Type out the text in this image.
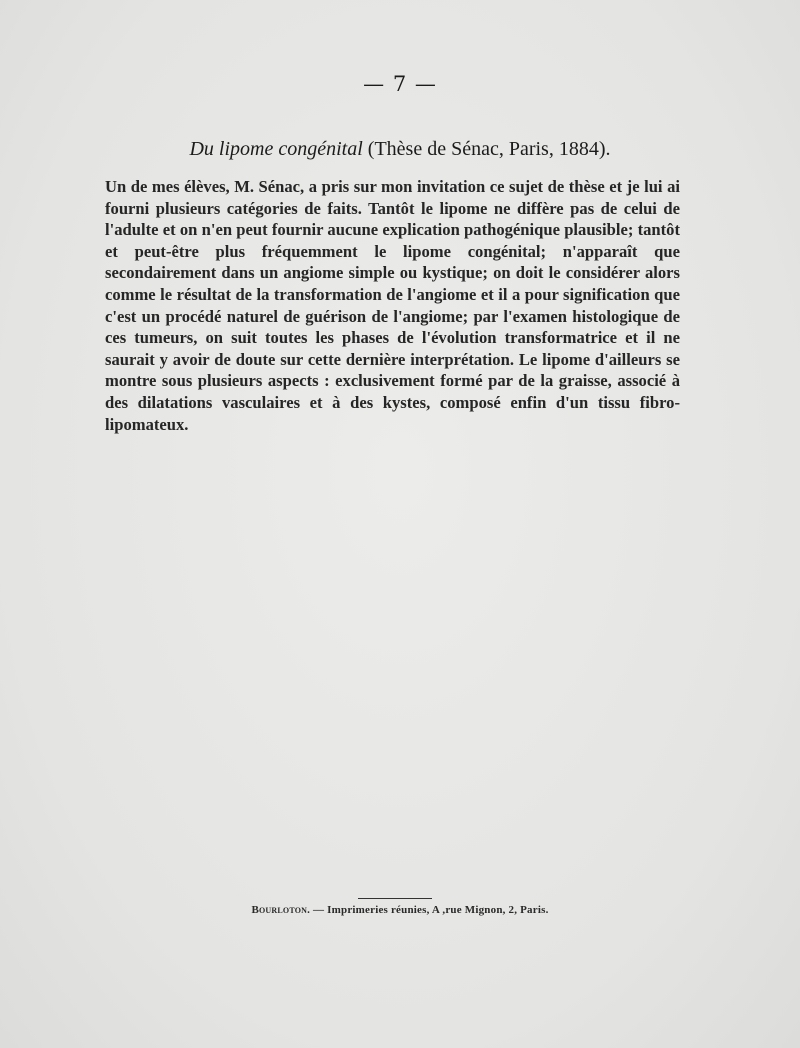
— 7 —
Du lipome congénital (Thèse de Sénac, Paris, 1884).
Un de mes élèves, M. Sénac, a pris sur mon invitation ce sujet de thèse et je lui ai fourni plusieurs catégories de faits. Tantôt le lipome ne diffère pas de celui de l'adulte et on n'en peut fournir aucune explication pathogénique plausible; tantôt et peut-être plus fréquemment le lipome congénital; n'apparaît que secondairement dans un angiome simple ou kystique; on doit le considérer alors comme le résultat de la transformation de l'angiome et il a pour signification que c'est un procédé naturel de guérison de l'angiome; par l'examen histologique de ces tumeurs, on suit toutes les phases de l'évolution transformatrice et il ne saurait y avoir de doute sur cette dernière interprétation. Le lipome d'ailleurs se montre sous plusieurs aspects : exclusivement formé par de la graisse, associé à des dilatations vasculaires et à des kystes, composé enfin d'un tissu fibro-lipomateux.
Bourloton. — Imprimeries réunies, A ,rue Mignon, 2, Paris.
